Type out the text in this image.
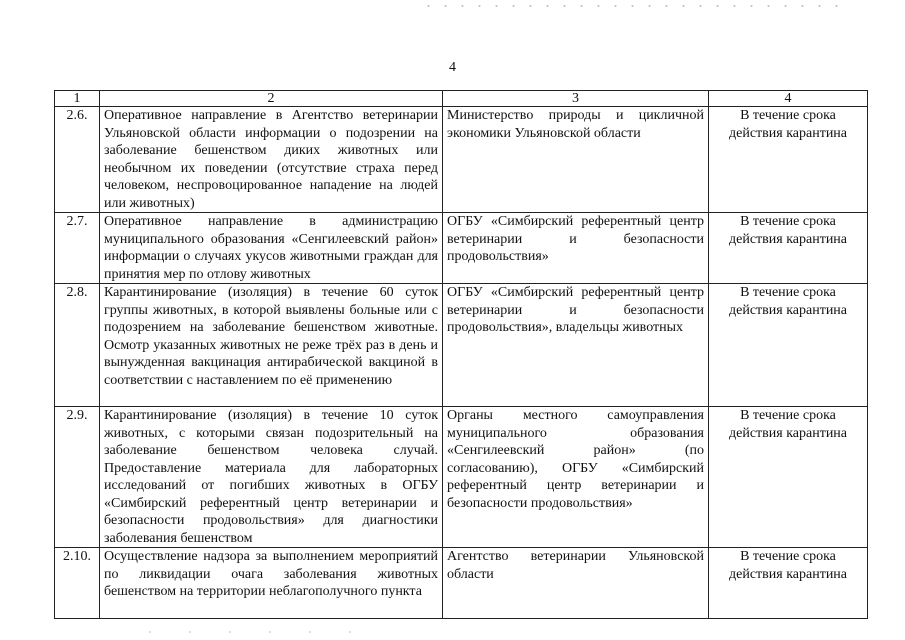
4
1	2	3	4
2.6.	Оперативное направление в Агентство ветеринарии Ульяновской области информации о подозрении на заболевание бешенством диких животных или необычном их поведении (отсутствие страха перед человеком, неспровоцированное нападение на людей или животных)	Министерство природы и цикличной экономики Ульяновской области	В течение срока действия карантина
2.7.	Оперативное направление в администрацию муниципального образования «Сенгилеевский район» информации о случаях укусов животными граждан для принятия мер по отлову животных	ОГБУ «Симбирский референтный центр ветеринарии и безопасности продовольствия»	В течение срока действия карантина
2.8.	Карантинирование (изоляция) в течение 60 суток группы животных, в которой выявлены больные или с подозрением на заболевание бешенством животные. Осмотр указанных животных не реже трёх раз в день и вынужденная вакцинация антирабической вакциной в соответствии с наставлением по её применению	ОГБУ «Симбирский референтный центр ветеринарии и безопасности продовольствия», владельцы животных	В течение срока действия карантина
2.9.	Карантинирование (изоляция) в течение 10 суток животных, с которыми связан подозрительный на заболевание бешенством человека случай. Предоставление материала для лабораторных исследований от погибших животных в ОГБУ «Симбирский референтный центр ветеринарии и безопасности продовольствия» для диагностики заболевания бешенством	Органы местного самоуправления муниципального образования «Сенгилеевский район» (по согласованию), ОГБУ «Симбирский референтный центр ветеринарии и безопасности продовольствия»	В течение срока действия карантина
2.10.	Осуществление надзора за выполнением мероприятий по ликвидации очага заболевания животных бешенством на территории неблагополучного пункта	Агентство ветеринарии Ульяновской области	В течение срока действия карантина
